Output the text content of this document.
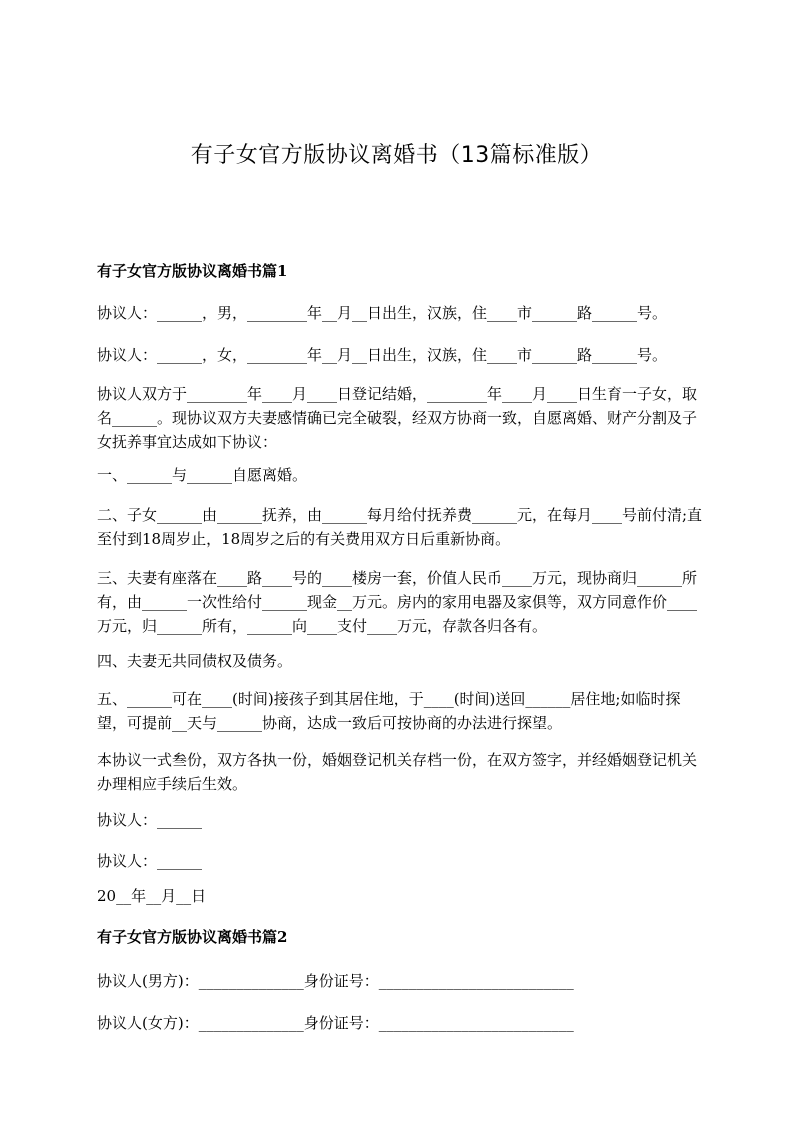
有子女官方版协议离婚书（13篇标准版）
有子女官方版协议离婚书篇1

协议人：______，男，________年__月__日出生，汉族，住____市______路______号。

协议人：______，女，________年__月__日出生，汉族，住____市______路______号。

协议人双方于________年____月____日登记结婚，________年____月____日生育一子女，取名______。现协议双方夫妻感情确已完全破裂，经双方协商一致，自愿离婚、财产分割及子女抚养事宜达成如下协议：

一、______与______自愿离婚。

二、子女______由______抚养，由______每月给付抚养费______元，在每月____号前付清;直至付到18周岁止，18周岁之后的有关费用双方日后重新协商。

三、夫妻有座落在____路____号的____楼房一套，价值人民币____万元，现协商归______所有，由______一次性给付______现金__万元。房内的家用电器及家俱等，双方同意作价____万元，归______所有，______向____支付____万元，存款各归各有。

四、夫妻无共同债权及债务。

五、______可在____(时间)接孩子到其居住地，于____(时间)送回______居住地;如临时探望，可提前__天与______协商，达成一致后可按协商的办法进行探望。

本协议一式叁份，双方各执一份，婚姻登记机关存档一份，在双方签字，并经婚姻登记机关办理相应手续后生效。

协议人：______

协议人：______

20__年__月__日

有子女官方版协议离婚书篇2

协议人(男方)：______________身份证号：__________________________

协议人(女方)：______________身份证号：__________________________
